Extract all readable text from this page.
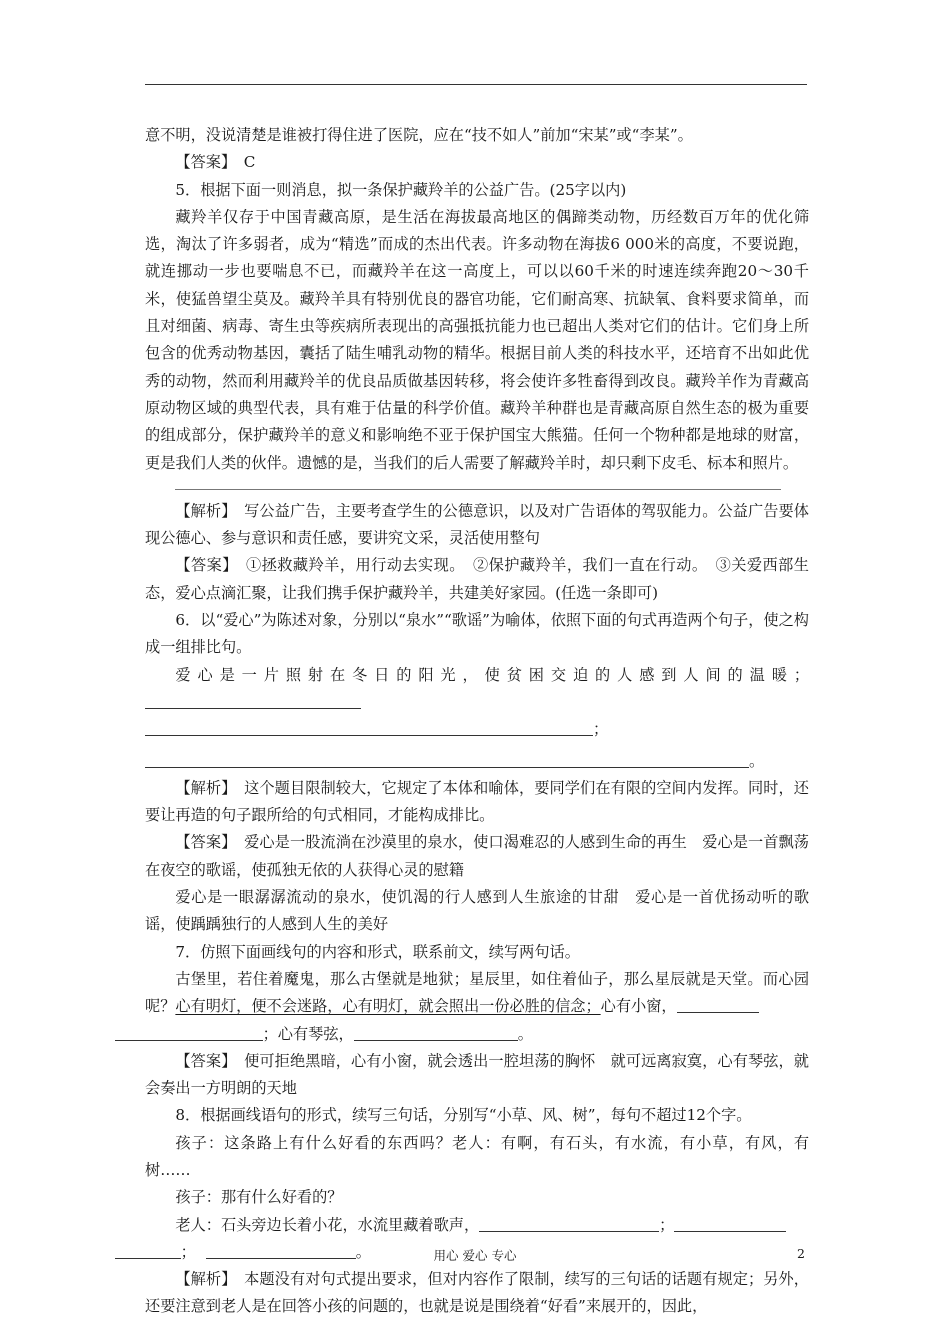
意不明，没说清楚是谁被打得住进了医院，应在“技不如人”前加“宋某”或“李某”。

【答案】　C

5．根据下面一则消息，拟一条保护藏羚羊的公益广告。(25字以内)

藏羚羊仅存于中国青藏高原，是生活在海拔最高地区的偶蹄类动物，历经数百万年的优化筛选，淘汰了许多弱者，成为“精选”而成的杰出代表。许多动物在海拔6 000米的高度，不要说跑，就连挪动一步也要喘息不已，而藏羚羊在这一高度上，可以以60千米的时速连续奔跑20～30千米，使猛兽望尘莫及。藏羚羊具有特别优良的器官功能，它们耐高寒、抗缺氧、食料要求简单，而且对细菌、病毒、寄生虫等疾病所表现出的高强抵抗能力也已超出人类对它们的估计。它们身上所包含的优秀动物基因，囊括了陆生哺乳动物的精华。根据目前人类的科技水平，还培育不出如此优秀的动物，然而利用藏羚羊的优良品质做基因转移，将会使许多牲畜得到改良。藏羚羊作为青藏高原动物区域的典型代表，具有难于估量的科学价值。藏羚羊种群也是青藏高原自然生态的极为重要的组成部分，保护藏羚羊的意义和影响绝不亚于保护国宝大熊猫。任何一个物种都是地球的财富，更是我们人类的伙伴。遗憾的是，当我们的后人需要了解藏羚羊时，却只剩下皮毛、标本和照片。

【解析】　写公益广告，主要考查学生的公德意识，以及对广告语体的驾驭能力。公益广告要体现公德心、参与意识和责任感，要讲究文采，灵活使用整句

【答案】　①拯救藏羚羊，用行动去实现。　②保护藏羚羊，我们一直在行动。　③关爱西部生态，爱心点滴汇聚，让我们携手保护藏羚羊，共建美好家园。(任选一条即可)

6．以“爱心”为陈述对象，分别以“泉水”“歌谣”为喻体，依照下面的句式再造两个句子，使之构成一组排比句。

爱心是一片照射在冬日的阳光，使贫困交迫的人感到人间的温暖；

；

。

【解析】　这个题目限制较大，它规定了本体和喻体，要同学们在有限的空间内发挥。同时，还要让再造的句子跟所给的句式相同，才能构成排比。

【答案】　爱心是一股流淌在沙漠里的泉水，使口渴难忍的人感到生命的再生　爱心是一首飘荡在夜空的歌谣，使孤独无依的人获得心灵的慰籍

爱心是一眼潺潺流动的泉水，使饥渴的行人感到人生旅途的甘甜　爱心是一首优扬动听的歌谣，使踽踽独行的人感到人生的美好

7．仿照下面画线句的内容和形式，联系前文，续写两句话。

古堡里，若住着魔鬼，那么古堡就是地狱；星辰里，如住着仙子，那么星辰就是天堂。而心园呢？心有明灯，便不会迷路，心有明灯，就会照出一份必胜的信念；心有小窗，
；心有琴弦，	。

【答案】　便可拒绝黑暗，心有小窗，就会透出一腔坦荡的胸怀　就可远离寂寞，心有琴弦，就会奏出一方明朗的天地

8．根据画线语句的形式，续写三句话，分别写“小草、风、树”，每句不超过12个字。

孩子：这条路上有什么好看的东西吗？老人：有啊，有石头，有水流，有小草，有风，有树……

孩子：那有什么好看的？

老人：石头旁边长着小花，水流里藏着歌声，	；
；	。

【解析】　本题没有对句式提出要求，但对内容作了限制，续写的三句话的话题有规定；另外，还要注意到老人是在回答小孩的问题的，也就是说是围绕着“好看”来展开的，因此，

用心 爱心 专心	2
